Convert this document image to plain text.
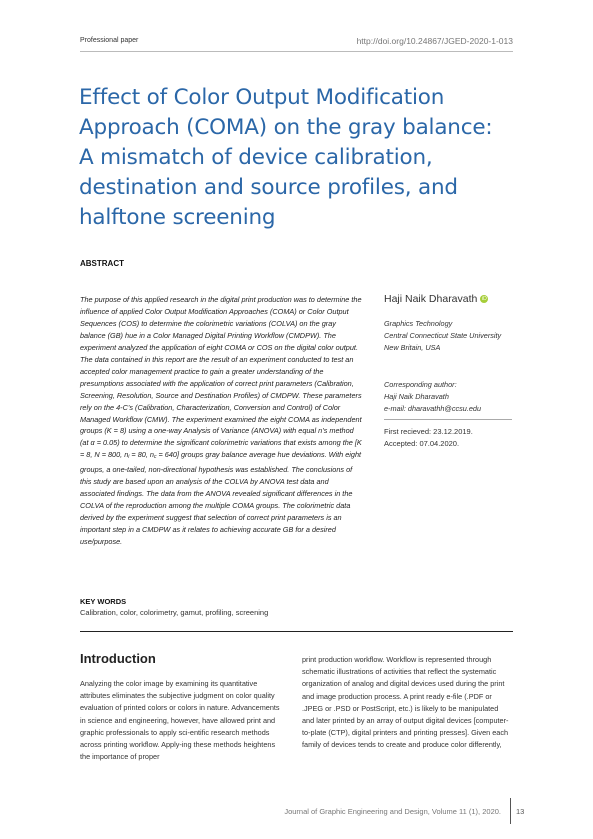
Professional paper	http://doi.org/10.24867/JGED-2020-1-013
Effect of Color Output Modification Approach (COMA) on the gray balance: A mismatch of device calibration, destination and source profiles, and halftone screening
ABSTRACT

The purpose of this applied research in the digital print production was to determine the influence of applied Color Output Modification Approaches (COMA) or Color Output Sequences (COS) to determine the colorimetric variations (COLVA) on the gray balance (GB) hue in a Color Managed Digital Printing Workflow (CMDPW). The experiment analyzed the application of eight COMA or COS on the digital color output. The data contained in this report are the result of an experiment conducted to test an accepted color management practice to gain a greater understanding of the presumptions associated with the application of correct print parameters (Calibration, Screening, Resolution, Source and Destination Profiles) of CMDPW. These parameters rely on the 4-C’s (Calibration, Characterization, Conversion and Control) of Color Managed Workflow (CMW). The experiment examined the eight COMA as independent groups (K = 8) using a one-way Analysis of Variance (ANOVA) with equal n’s method (at α = 0.05) to determine the significant colorimetric variations that exists among the [K = 8, N = 800, $n_i = 80$, $n_c = 640$] groups gray balance average hue deviations. With eight groups, a one-tailed, non-directional hypothesis was established. The conclusions of this study are based upon an analysis of the COLVA by ANOVA test data and associated findings. The data from the ANOVA revealed significant differences in the COLVA of the reproduction among the multiple COMA groups. The colorimetric data derived by the experiment suggest that selection of correct print parameters is an important step in a CMDPW as it relates to achieving accurate GB for a desired use/purpose.

Haji Naik Dharavath iD

Graphics Technology
Central Connecticut State University
New Britain, USA

Corresponding author:
Haji Naik Dharavath
e-mail: dharavathh@ccsu.edu

First recieved: 23.12.2019.
Accepted: 07.04.2020.

KEY WORDS
Calibration, color, colorimetry, gamut, profiling, screening
Introduction

Analyzing the color image by examining its quantitative attributes eliminates the subjective judgment on color quality evaluation of printed colors or colors in nature. Advancements in science and engineering, however, have allowed print and graphic professionals to apply sci-entific research methods across printing workflow. Apply-ing these methods heightens the importance of proper

print production workflow. Workflow is represented through schematic illustrations of activities that reflect the systematic organization of analog and digital devices used during the print and image production process. A print ready e-file (.PDF or .JPEG or .PSD or PostScript, etc.) is likely to be manipulated and later printed by an array of output digital devices [computer-to-plate (CTP), digital printers and printing presses]. Given each family of devices tends to create and produce color differently,

Journal of Graphic Engineering and Design, Volume 11 (1), 2020. 13
